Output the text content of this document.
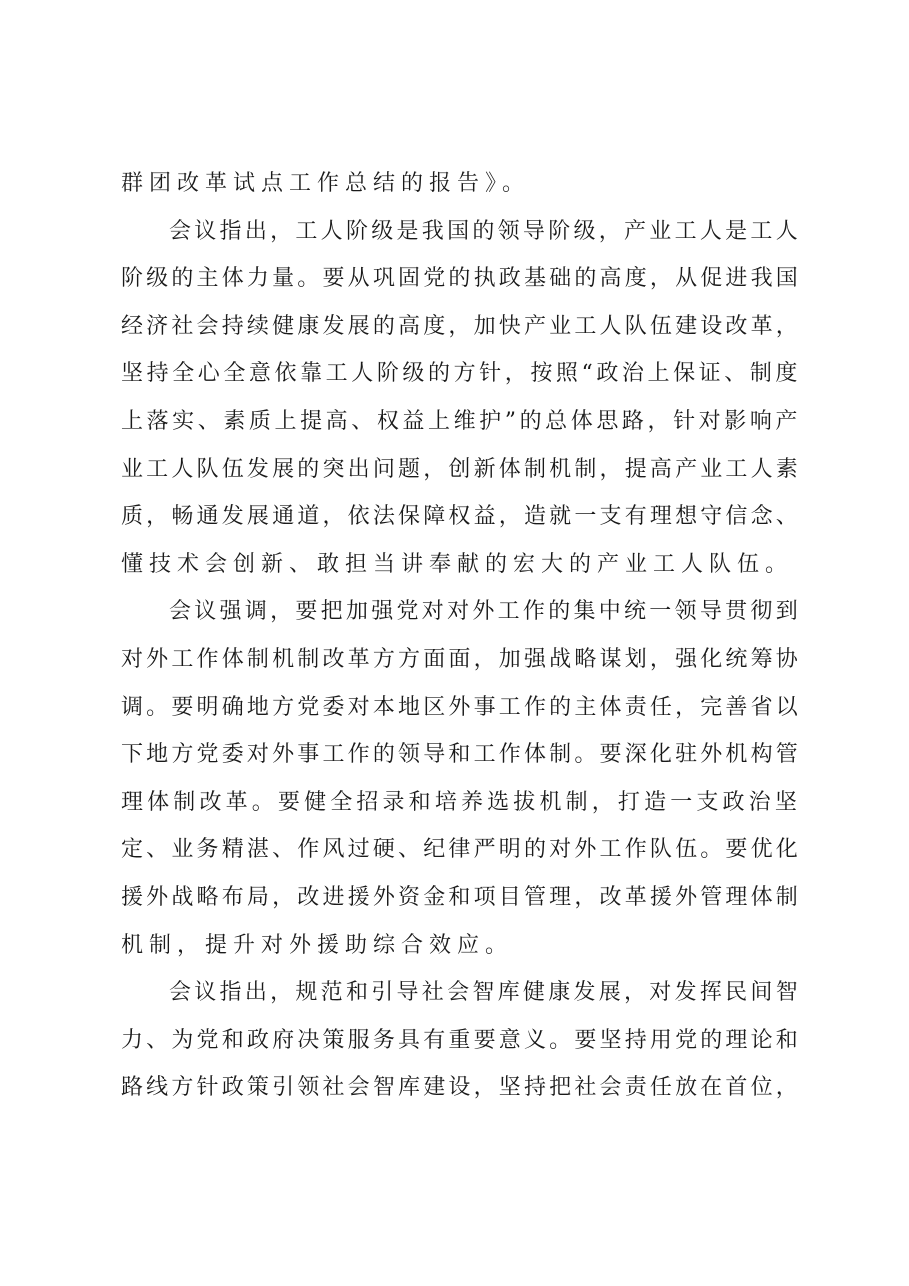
群团改革试点工作总结的报告》。
会议指出，工人阶级是我国的领导阶级，产业工人是工人
阶级的主体力量。要从巩固党的执政基础的高度，从促进我国
经济社会持续健康发展的高度，加快产业工人队伍建设改革，
坚持全心全意依靠工人阶级的方针，按照“政治上保证、制度
上落实、素质上提高、权益上维护”的总体思路，针对影响产
业工人队伍发展的突出问题，创新体制机制，提高产业工人素
质，畅通发展通道，依法保障权益，造就一支有理想守信念、
懂技术会创新、敢担当讲奉献的宏大的产业工人队伍。
会议强调，要把加强党对对外工作的集中统一领导贯彻到
对外工作体制机制改革方方面面，加强战略谋划，强化统筹协
调。要明确地方党委对本地区外事工作的主体责任，完善省以
下地方党委对外事工作的领导和工作体制。要深化驻外机构管
理体制改革。要健全招录和培养选拔机制，打造一支政治坚
定、业务精湛、作风过硬、纪律严明的对外工作队伍。要优化
援外战略布局，改进援外资金和项目管理，改革援外管理体制
机制，提升对外援助综合效应。
会议指出，规范和引导社会智库健康发展，对发挥民间智
力、为党和政府决策服务具有重要意义。要坚持用党的理论和
路线方针政策引领社会智库建设，坚持把社会责任放在首位，
